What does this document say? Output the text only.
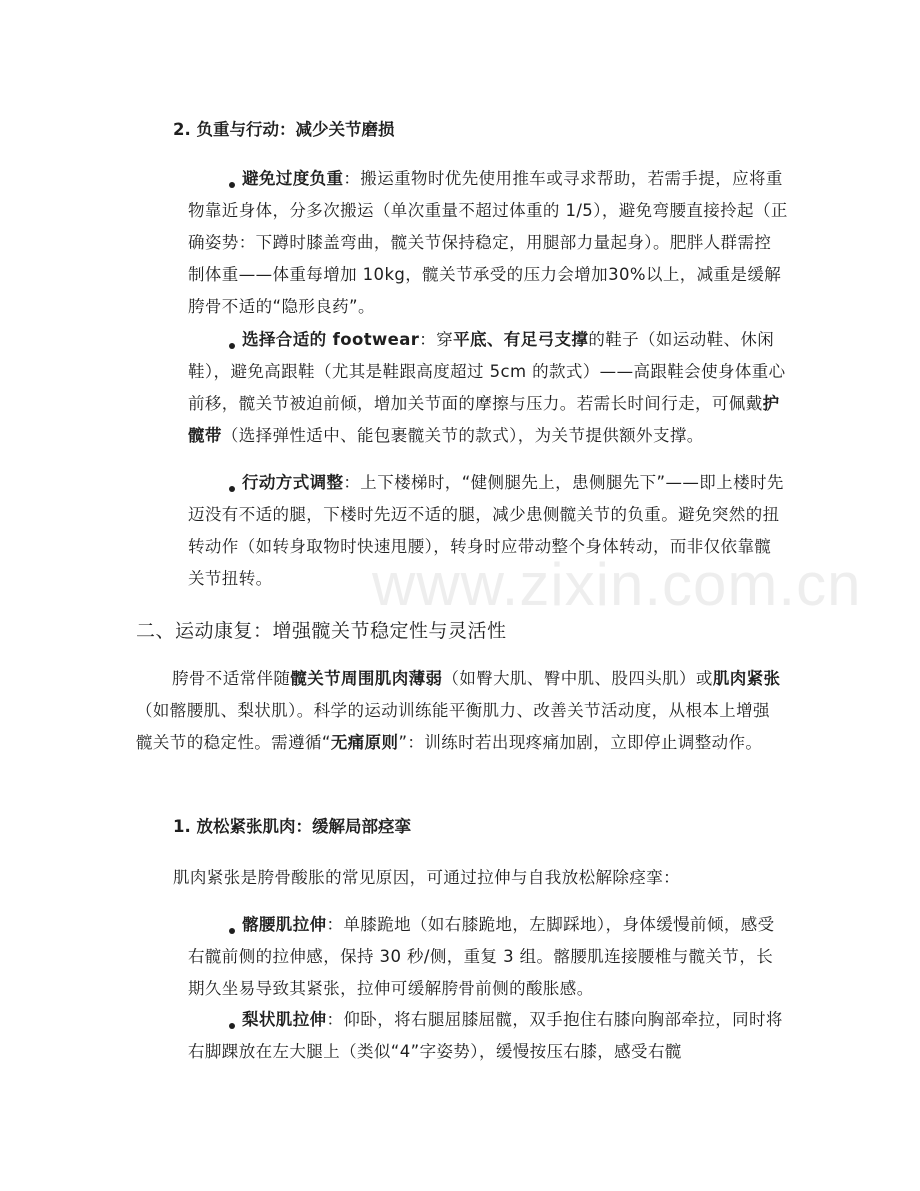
www.zixin.com.cn
2. 负重与行动：减少关节磨损
避免过度负重：搬运重物时优先使用推车或寻求帮助，若需手提，应将重物靠近身体，分多次搬运（单次重量不超过体重的 1/5），避免弯腰直接拎起（正确姿势：下蹲时膝盖弯曲，髋关节保持稳定，用腿部力量起身）。肥胖人群需控制体重——体重每增加 10kg，髋关节承受的压力会增加30%以上，减重是缓解胯骨不适的“隐形良药”。
选择合适的 footwear：穿平底、有足弓支撑的鞋子（如运动鞋、休闲鞋），避免高跟鞋（尤其是鞋跟高度超过 5cm 的款式）——高跟鞋会使身体重心前移，髋关节被迫前倾，增加关节面的摩擦与压力。若需长时间行走，可佩戴护髋带（选择弹性适中、能包裹髋关节的款式），为关节提供额外支撑。
行动方式调整：上下楼梯时，“健侧腿先上，患侧腿先下”——即上楼时先迈没有不适的腿，下楼时先迈不适的腿，减少患侧髋关节的负重。避免突然的扭转动作（如转身取物时快速甩腰），转身时应带动整个身体转动，而非仅依靠髋关节扭转。
二、运动康复：增强髋关节稳定性与灵活性
胯骨不适常伴随髋关节周围肌肉薄弱（如臀大肌、臀中肌、股四头肌）或肌肉紧张（如髂腰肌、梨状肌）。科学的运动训练能平衡肌力、改善关节活动度，从根本上增强髋关节的稳定性。需遵循“无痛原则”：训练时若出现疼痛加剧，立即停止调整动作。
1. 放松紧张肌肉：缓解局部痉挛
肌肉紧张是胯骨酸胀的常见原因，可通过拉伸与自我放松解除痉挛：
髂腰肌拉伸：单膝跪地（如右膝跪地，左脚踩地），身体缓慢前倾，感受右髋前侧的拉伸感，保持 30 秒/侧，重复 3 组。髂腰肌连接腰椎与髋关节，长期久坐易导致其紧张，拉伸可缓解胯骨前侧的酸胀感。
梨状肌拉伸：仰卧，将右腿屈膝屈髋，双手抱住右膝向胸部牵拉，同时将右脚踝放在左大腿上（类似“4”字姿势），缓慢按压右膝，感受右髋
